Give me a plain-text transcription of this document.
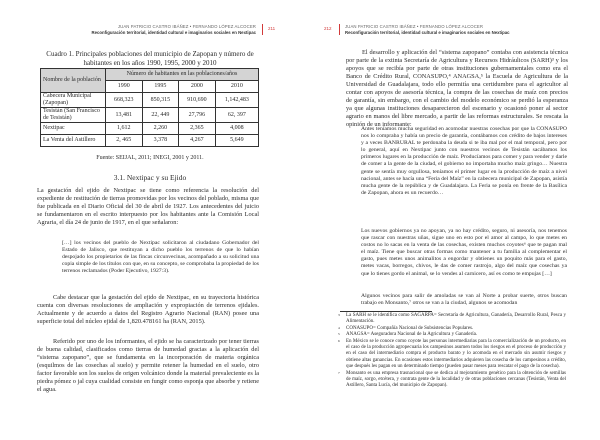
JUAN PATRICIO CASTRO IBÁÑEZ • FERNANDO LÓPEZ ALCOCER
Reconfiguración territorial, identidad cultural e imaginarios sociales en Nextipac
211
Cuadro 1. Principales poblaciones del municipio de Zapopan y número de habitantes en los años 1990, 1995, 2000 y 2010
Nombre de la población	Número de habitantes en las poblaciones/años			
	1990	1995	2000	2010
Cabecera Municipal (Zapopan)	668,323	850,315	910,690	1,142,483
Tesistán (San Francisco de Tesistán)	13,481	22, 449	27,796	62, 397
Nextipac	1,612	2,260	2,365	4,008
La Venta del Astillero	2, 465	3,378	4,267	5,649
Fuente: SEIJAL, 2011; INEGI, 2001 y 2011.
3.1. Nextipac y su Ejido
La gestación del ejido de Nextipac se tiene como referencia la resolución del expediente de restitución de tierras promovidas por los vecinos del poblado, misma que fue publicada en el Diario Oficial del 30 de abril de 1927. Los antecedentes del juicio se fundamentaron en el escrito interpuesto por los habitantes ante la Comisión Local Agraria, el día 24 de junio de 1917, en el que señalaron:
[…] los vecinos del pueblo de Nextipac solicitaron al ciudadano Gobernador del Estado de Jalisco, que restituyan a dicho pueblo los terrenos de que lo habían despojado los propietarios de las fincas circunvecinas, acompañado a su solicitud una copia simple de los títulos con que, en su concepto, se comprobaba la propiedad de los terrenos reclamados (Poder Ejecutivo, 1927:3).
Cabe destacar que la gestación del ejido de Nextipac, en su trayectoria histórica cuenta con diversas resoluciones de ampliación y expropiación de terrenos ejidales. Actualmente y de acuerdo a datos del Registro Agrario Nacional (RAN) posee una superficie total del núcleo ejidal de 1,820.478161 ha (RAN, 2015).
Referido por uno de los informantes, el ejido se ha caracterizado por tener tierras de buena calidad, clasificados como tierras de humedad gracias a la aplicación del “sistema zapopano”, que se fundamenta en la incorporación de materia orgánica (esquilmos de las cosechas al suelo) y permite retener la humedad en el suelo, otro factor favorable son los suelos de origen volcánico donde la material prevaleciente es la piedra pómez o jal cuya cualidad consiste en fungir como esponja que absorbe y retiene el agua.
212	JUAN PATRICIO CASTRO IBÁÑEZ • FERNANDO LÓPEZ ALCOCER
Reconfiguración territorial, identidad cultural e imaginarios sociales en Nextipac
El desarrollo y aplicación del “sistema zapopano” contaba con asistencia técnica por parte de la extinta Secretaría de Agricultura y Recursos Hidráulicos (SARH)³ y los apoyos que se recibía por parte de otras instituciones gubernamentales como era el Banco de Crédito Rural, CONASUPO,⁴ ANAGSA,⁵ la Escuela de Agricultura de la Universidad de Guadalajara, todo ello permitía una certidumbre para el agricultor al contar con apoyos de asesoría técnica, la compra de las cosechas de maíz con precios de garantía, sin embargo, con el cambio del modelo económico se perdió la esperanza ya que algunas instituciones desaparecieron del escenario y ocasionó poner al sector agrario en manos del libre mercado, a partir de las reformas estructurales. Se rescata la opinión de un informante:
Antes teníamos mucha seguridad en acomodar nuestras cosechas por que la CONASUPO nos lo compraba y había un precio de garantía, contábamos con crédito de bajos intereses y a veces BANRURAL te perdonaba la deuda si te iba mal por el mal temporal, pero por lo general, aquí en Nextipac junto con nuestros vecinos de Tesistán sacábamos los primeros lugares en la producción de maíz. Producíamos para comer y para vender y darle de comer a la gente de la ciudad, el gobierno no importaba mucho maíz gringo… Nuestra gente se sentía muy orgullosa, teníamos el primer lugar en la producción de maíz a nivel nacional, antes se hacía una “Feria del Maíz” en la cabecera municipal de Zapopan, asistía mucha gente de la república y de Guadalajara. La Feria se ponía en frente de la Basílica de Zapopan, ahora es un recuerdo…
Los nuevos gobiernos ya no apoyan, ya no hay crédito, seguro, ni asesoría, nos tenemos que rascar con nuestras uñas, sigue uno en esto por el amor al campo, lo que metes en costos no lo sacas en la venta de las cosechas, existen muchos coyotes⁶ que te pagan mal el maíz. Tiene que buscar otras formas como mantener a tu familia al complementar el gasto, pues metes unos animalitos a engordar y obtienes un poquito más para el gasto, metes vacas, borregos, chivos, le das de comer rastrojo, algo del maíz que cosechas ya que lo tienes gordo el animal, se lo vendes al carnicero, así es como te empujas […]
Algunos vecinos para salir de amoladas se van al Norte a probar suerte, otros buscan trabajo en Monsanto,⁷ otros se van a la ciudad, algunos se acomodan
3 La SARH se le identifica como SAGARPA= Secretaría de Agricultura, Ganadería, Desarrollo Rural, Pesca y Alimentación.
4 CONASUPO= Compañía Nacional de Subsistencias Populares.
5 ANAGSA= Aseguradora Nacional de la Agricultura y Ganadería.
6 En México se le conoce como coyote las personas intermediarias para la comercialización de un producto, en el caso de la producción agropecuaria los campesinos asumen todos los riesgos en el proceso de producción y en el caso del intermediario compra el producto barato y lo acomoda en el mercado sin asumir riesgos y obtiene altas ganancias. En ocasiones estos intermediarios adquieren las cosecha de los campesinos a crédito, que después les pagan en un determinado tiempo (pueden pasar meses para rescatar el pago de la cosecha).
7 Monsanto es una empresa trasnacional que se dedica al mejoramiento genético para la obtención de semillas de maíz, sorgo, etcétera, y contrata gente de la localidad y de otras poblaciones cercanas (Tesistán, Venta del Astillero, Santa Lucía, del municipio de Zapopan).
